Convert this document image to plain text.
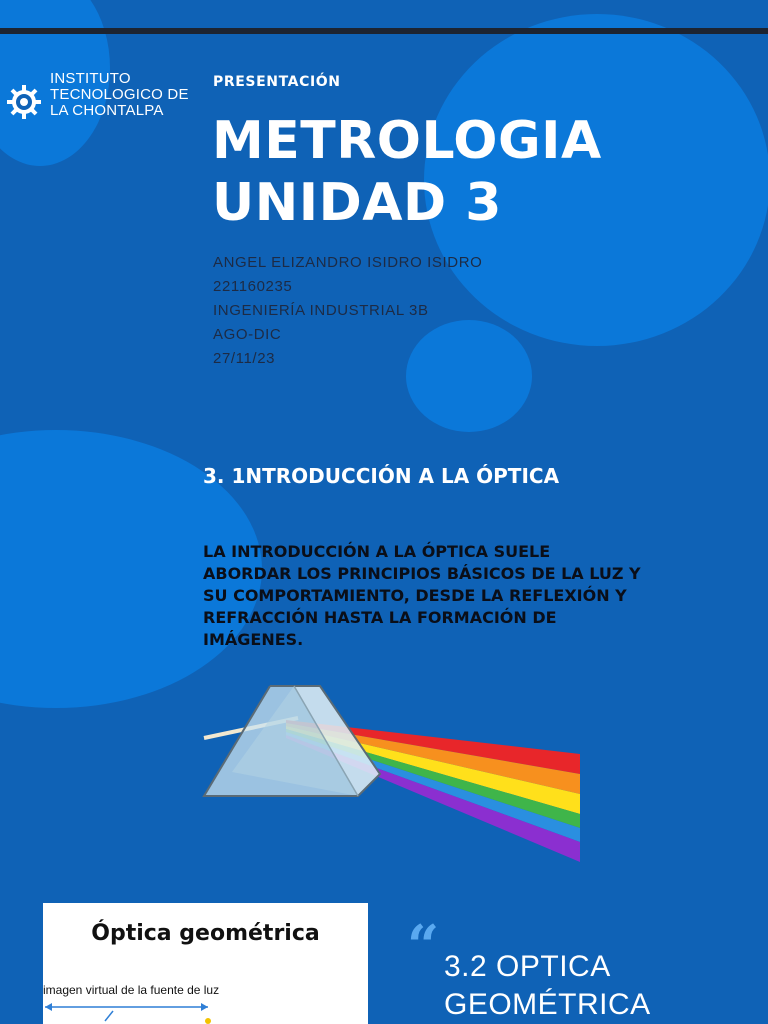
INSTITUTO
TECNOLOGICO DE
LA CHONTALPA
PRESENTACIÓN
METROLOGIA
UNIDAD 3
ANGEL ELIZANDRO ISIDRO ISIDRO
221160235
INGENIERÍA INDUSTRIAL 3B
AGO-DIC
27/11/23
3. 1NTRODUCCIÓN A LA ÓPTICA
LA INTRODUCCIÓN A LA ÓPTICA SUELE ABORDAR LOS PRINCIPIOS BÁSICOS DE LA LUZ Y SU COMPORTAMIENTO, DESDE LA REFLEXIÓN Y REFRACCIÓN HASTA LA FORMACIÓN DE IMÁGENES.
Óptica geométrica
imagen virtual de la fuente de luz
“ 3.2 OPTICA
GEOMÉTRICA
